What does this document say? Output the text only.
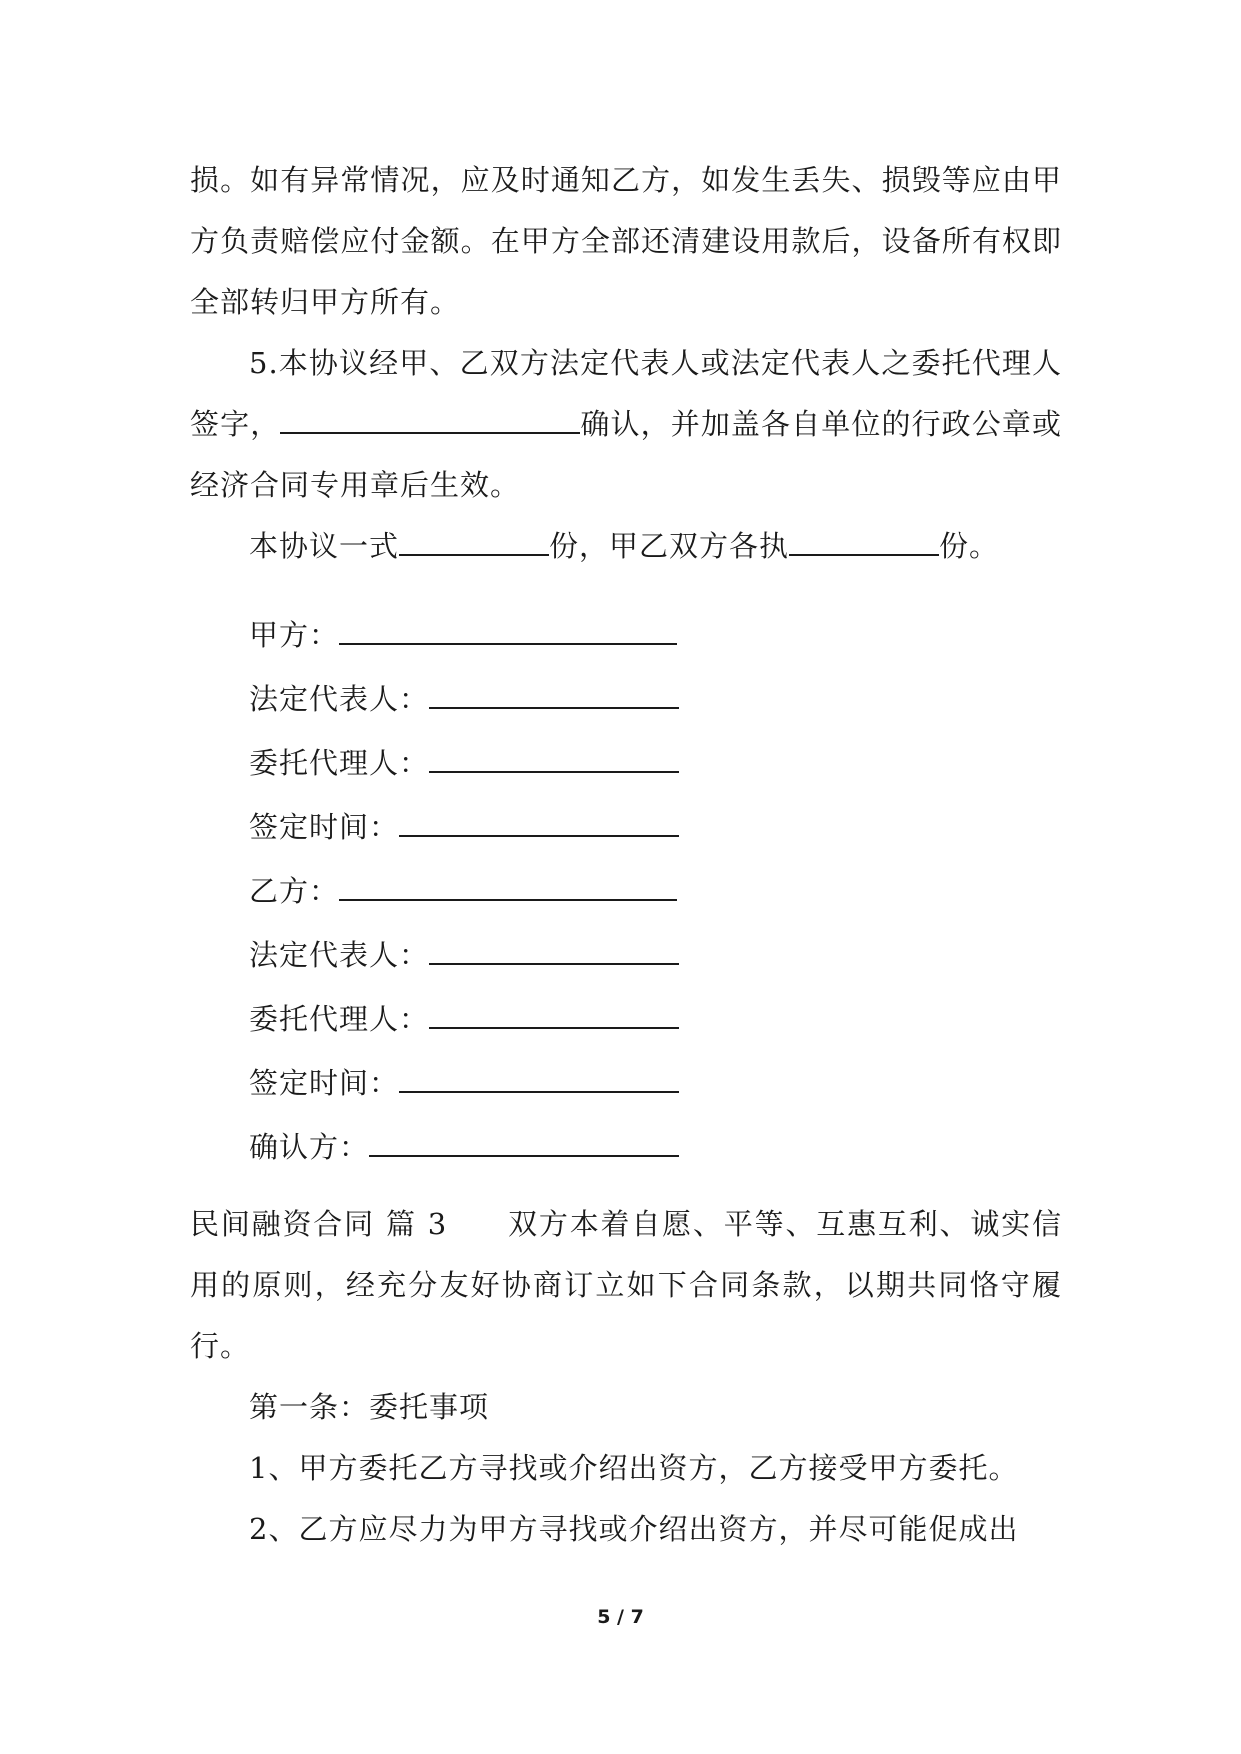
损。如有异常情况，应及时通知乙方，如发生丢失、损毁等应由甲方负责赔偿应付金额。在甲方全部还清建设用款后，设备所有权即全部转归甲方所有。

5.本协议经甲、乙双方法定代表人或法定代表人之委托代理人签字，	确认，并加盖各自单位的行政公章或经济合同专用章后生效。

本协议一式	份，甲乙双方各执	份。

甲方：

法定代表人：

委托代理人：

签定时间：

乙方：

法定代表人：

委托代理人：

签定时间：

确认方：

民间融资合同 篇 3 双方本着自愿、平等、互惠互利、诚实信用的原则，经充分友好协商订立如下合同条款，以期共同恪守履行。

第一条：委托事项

1、甲方委托乙方寻找或介绍出资方，乙方接受甲方委托。

2、乙方应尽力为甲方寻找或介绍出资方，并尽可能促成出

5 / 7
